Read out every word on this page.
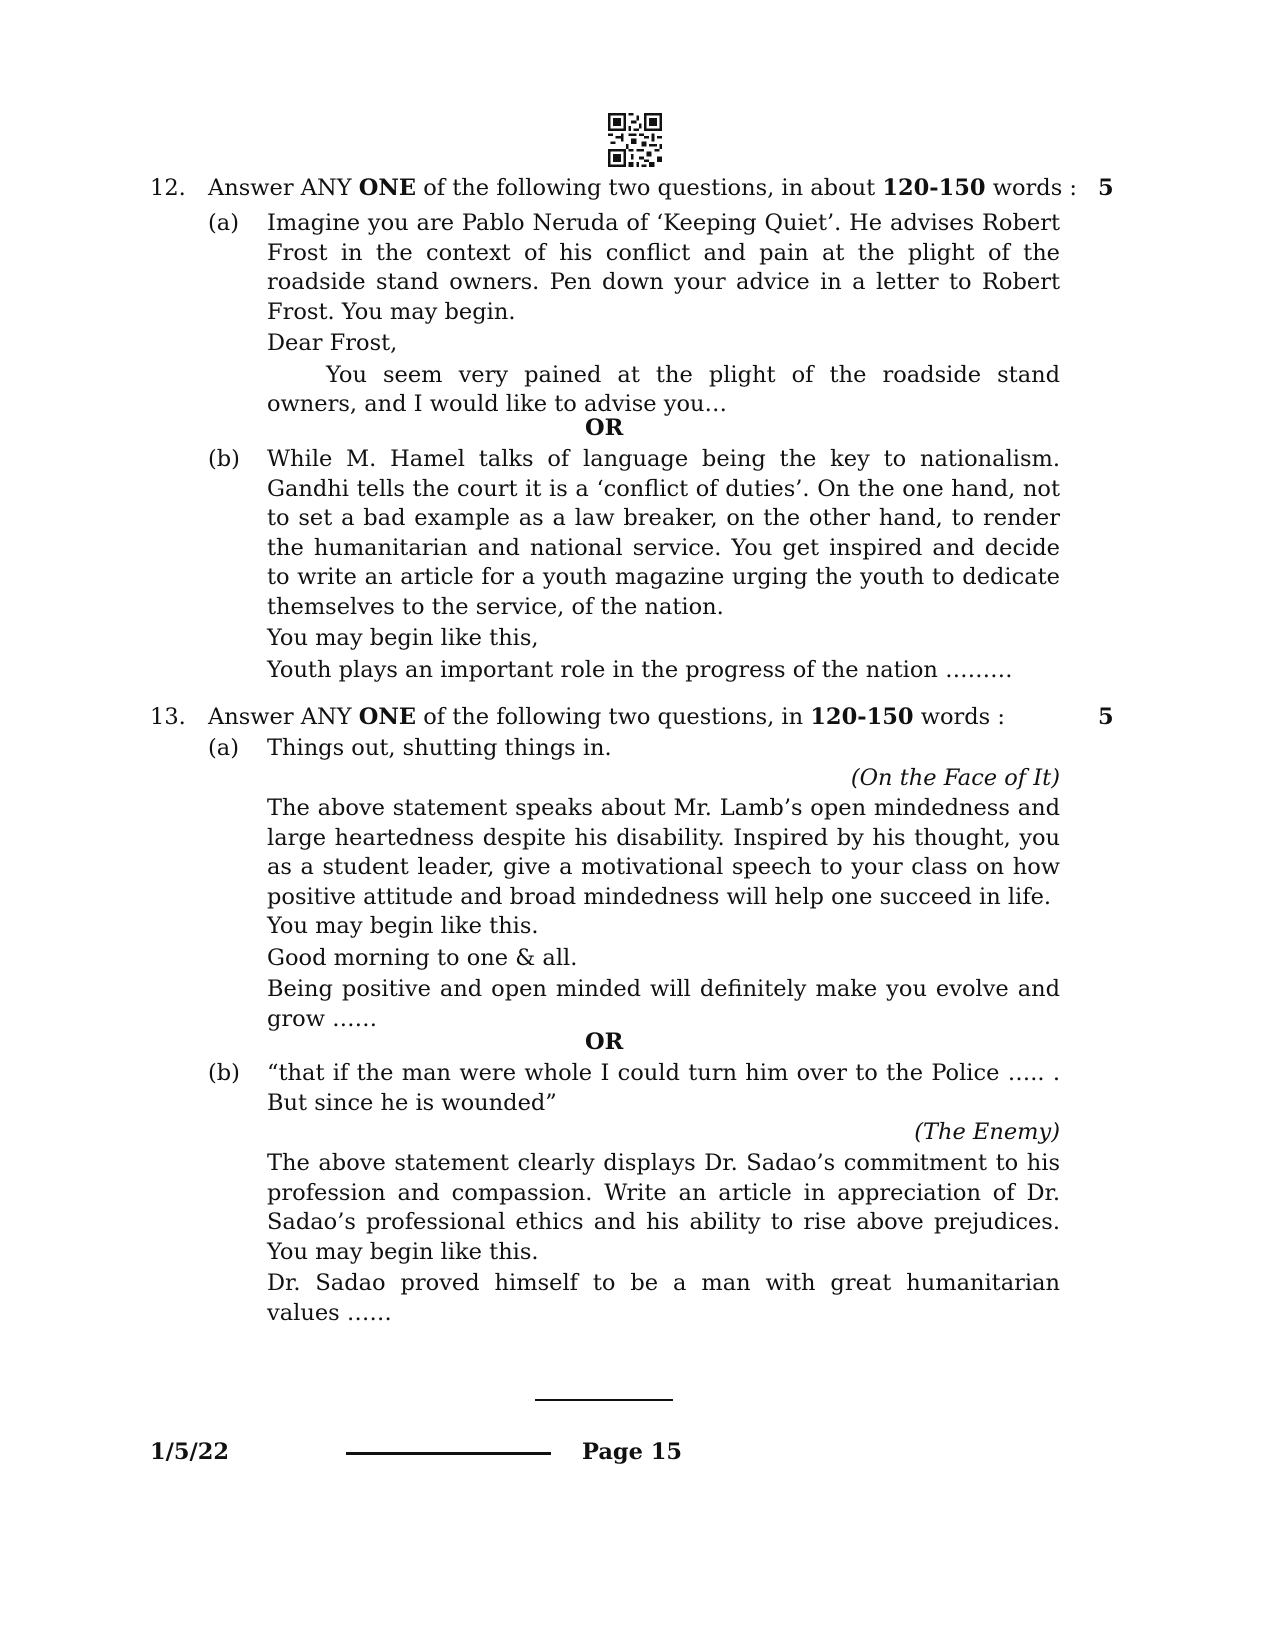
12. Answer ANY ONE of the following two questions, in about 120-150 words : 5
(a) Imagine you are Pablo Neruda of ‘Keeping Quiet’. He advises Robert Frost in the context of his conflict and pain at the plight of the roadside stand owners. Pen down your advice in a letter to Robert Frost. You may begin.

Dear Frost,

You seem very pained at the plight of the roadside stand owners, and I would like to advise you…

OR
(b) While M. Hamel talks of language being the key to nationalism. Gandhi tells the court it is a ‘conflict of duties’. On the one hand, not to set a bad example as a law breaker, on the other hand, to render the humanitarian and national service. You get inspired and decide to write an article for a youth magazine urging the youth to dedicate themselves to the service, of the nation.

You may begin like this,

Youth plays an important role in the progress of the nation ………

13. Answer ANY ONE of the following two questions, in 120-150 words :	5
(a) Things out, shutting things in.
(On the Face of It)

The above statement speaks about Mr. Lamb’s open mindedness and large heartedness despite his disability. Inspired by his thought, you as a student leader, give a motivational speech to your class on how positive attitude and broad mindedness will help one succeed in life.

You may begin like this.

Good morning to one & all.

Being positive and open minded will definitely make you evolve and grow ……

OR
(b) “that if the man were whole I could turn him over to the Police ….. . But since he is wounded”
(The Enemy)

The above statement clearly displays Dr. Sadao’s commitment to his profession and compassion. Write an article in appreciation of Dr. Sadao’s professional ethics and his ability to rise above prejudices. You may begin like this.

Dr. Sadao proved himself to be a man with great humanitarian values ……

1/5/22	Page 15
